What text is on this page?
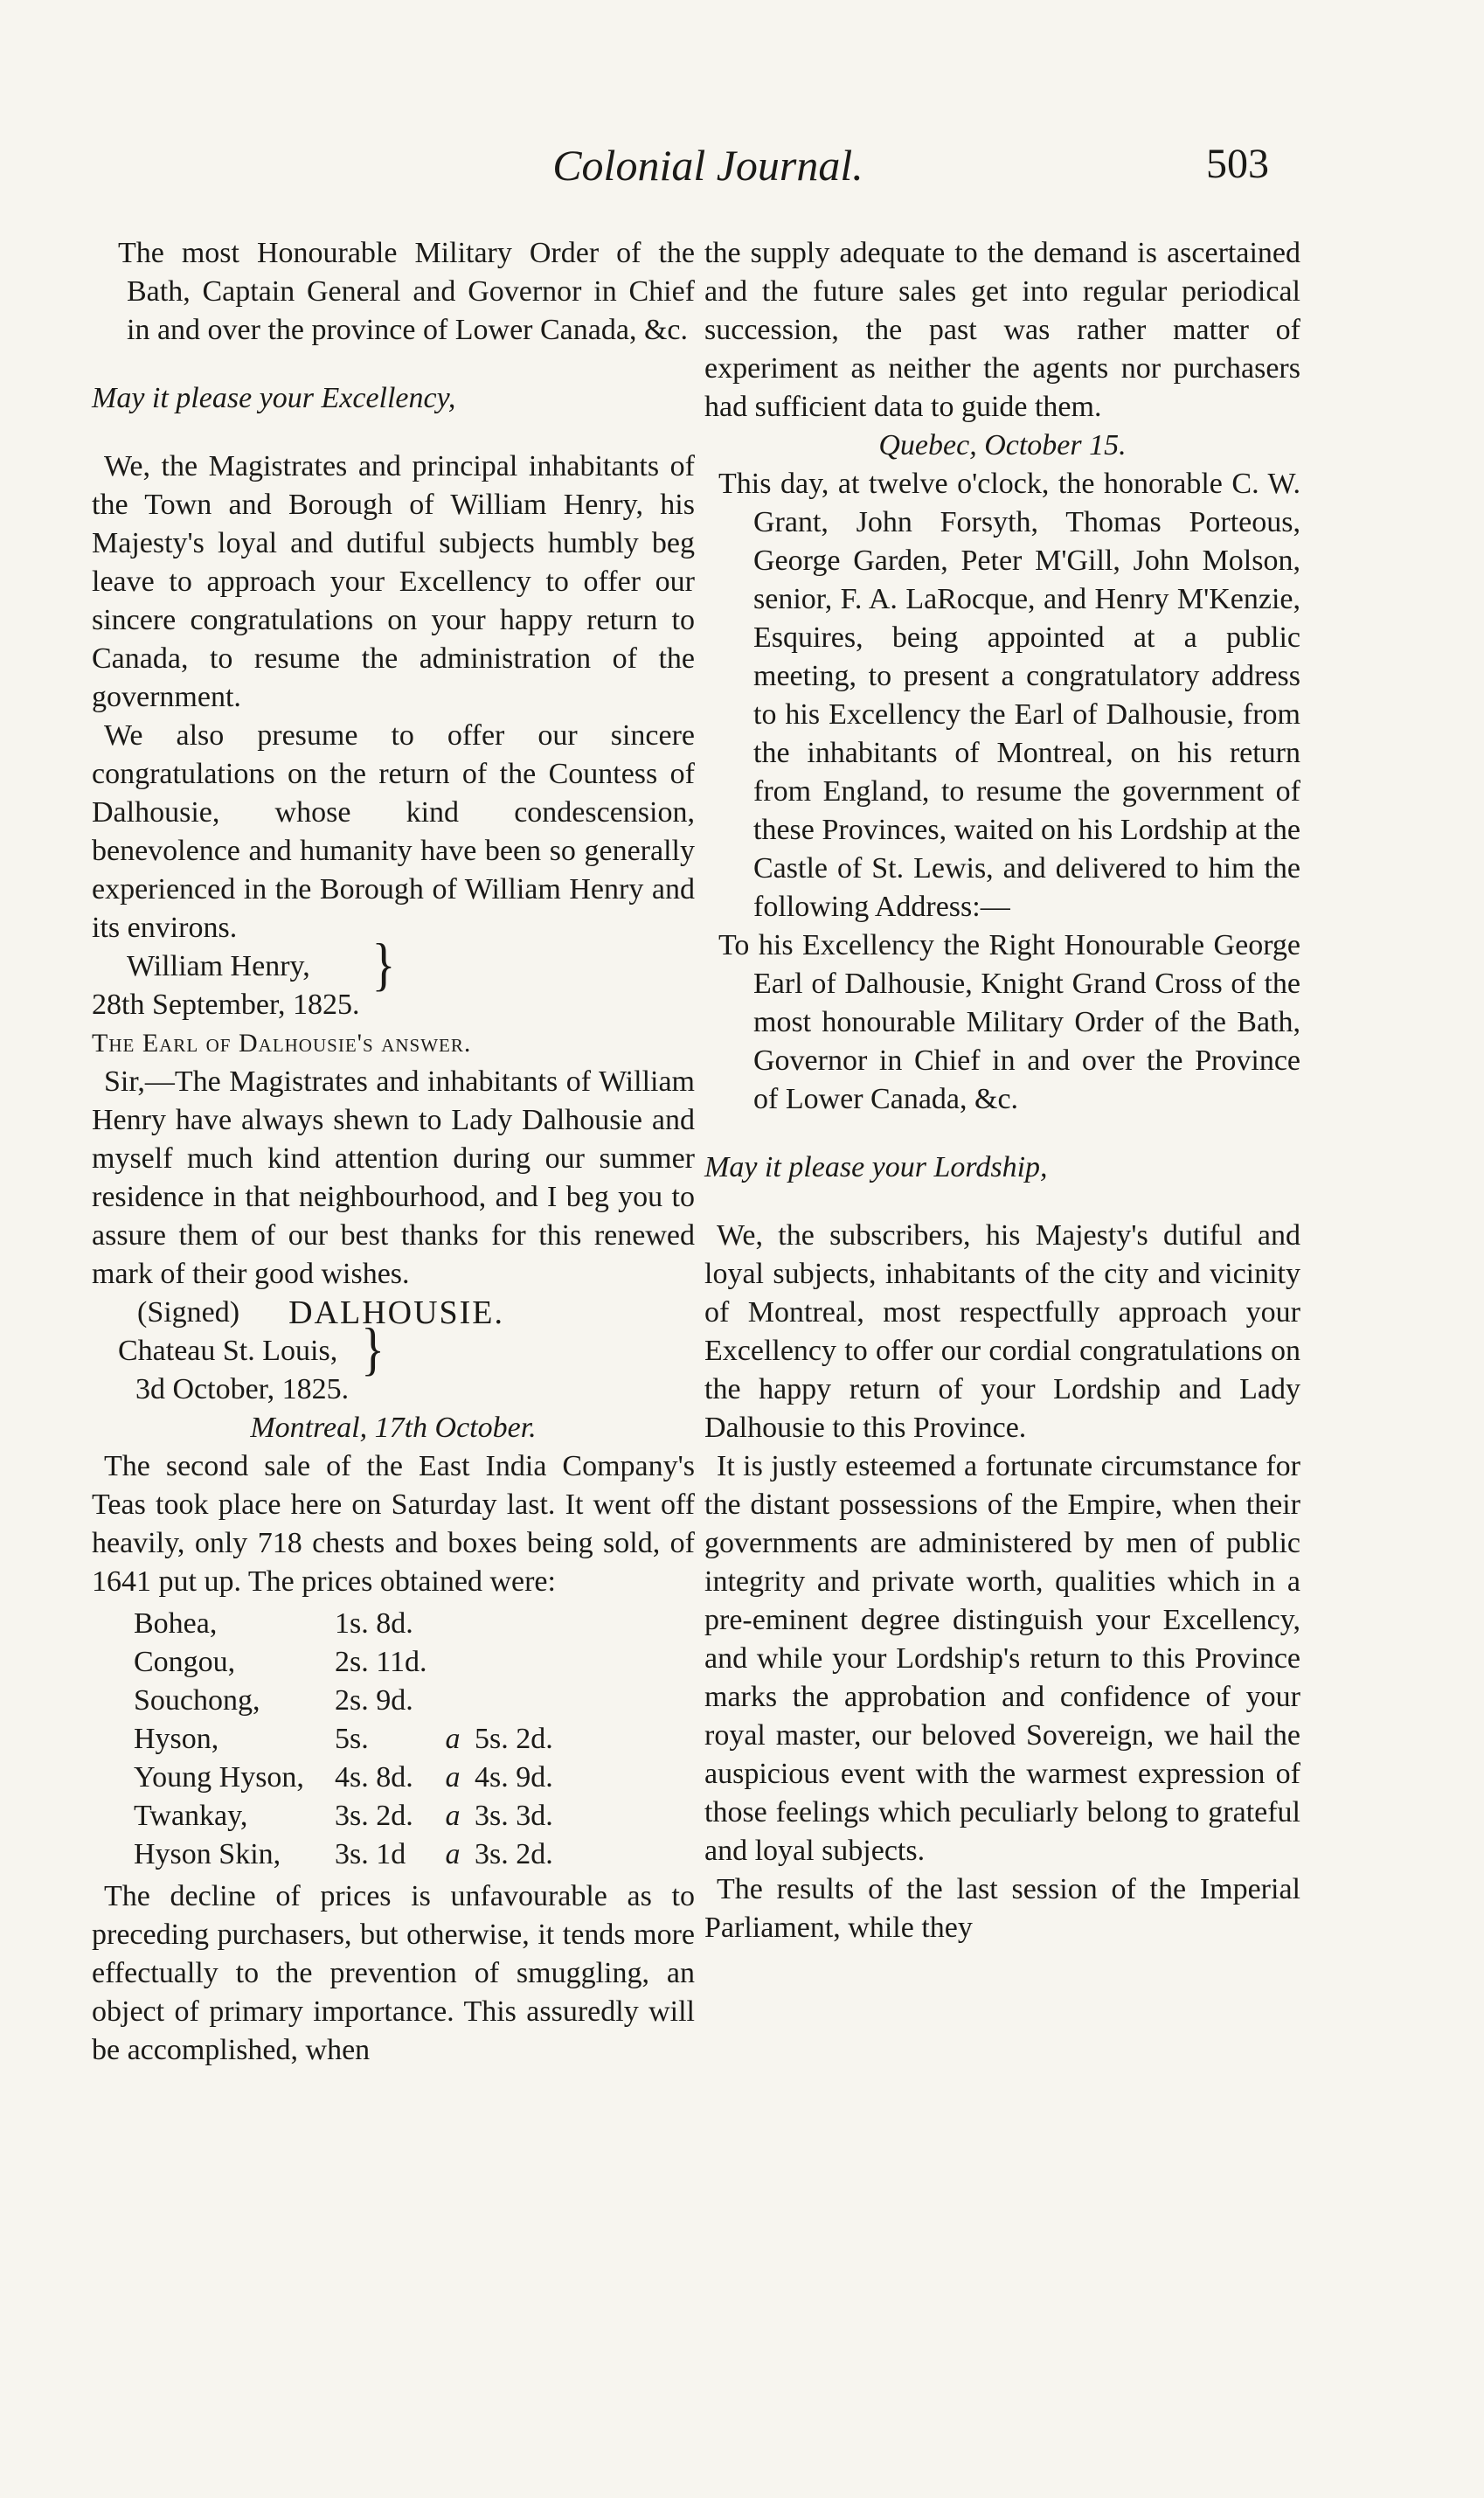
Colonial Journal.	503

The most Honourable Military Order of the Bath, Captain General and Governor in Chief in and over the province of Lower Canada, &c.

May it please your Excellency,

We, the Magistrates and principal inhabitants of the Town and Borough of William Henry, his Majesty's loyal and dutiful subjects humbly beg leave to approach your Excellency to offer our sincere congratulations on your happy return to Canada, to resume the administration of the government.

We also presume to offer our sincere congratulations on the return of the Countess of Dalhousie, whose kind condescension, benevolence and humanity have been so generally experienced in the Borough of William Henry and its environs.

William Henry,
28th September, 1825.
}

The Earl of Dalhousie's answer.

Sir,—The Magistrates and inhabitants of William Henry have always shewn to Lady Dalhousie and myself much kind attention during our summer residence in that neighbourhood, and I beg you to assure them of our best thanks for this renewed mark of their good wishes.

(Signed) DALHOUSIE.
Chateau St. Louis,
3d October, 1825.
}

Montreal, 17th October.

The second sale of the East India Company's Teas took place here on Saturday last. It went off heavily, only 718 chests and boxes being sold, of 1641 put up. The prices obtained were:

Bohea,	1s. 8d.		
Congou,	2s. 11d.		
Souchong,	2s. 9d.		
Hyson,	5s.	a	5s. 2d.
Young Hyson,	4s. 8d.	a	4s. 9d.
Twankay,	3s. 2d.	a	3s. 3d.
Hyson Skin,	3s. 1d	a	3s. 2d.

The decline of prices is unfavourable as to preceding purchasers, but otherwise, it tends more effectually to the prevention of smuggling, an object of primary importance. This assuredly will be accomplished, when

the supply adequate to the demand is ascertained and the future sales get into regular periodical succession, the past was rather matter of experiment as neither the agents nor purchasers had sufficient data to guide them.

Quebec, October 15.

This day, at twelve o'clock, the honorable C. W. Grant, John Forsyth, Thomas Porteous, George Garden, Peter M'Gill, John Molson, senior, F. A. LaRocque, and Henry M'Kenzie, Esquires, being appointed at a public meeting, to present a congratulatory address to his Excellency the Earl of Dalhousie, from the inhabitants of Montreal, on his return from England, to resume the government of these Provinces, waited on his Lordship at the Castle of St. Lewis, and delivered to him the following Address:—

To his Excellency the Right Honourable George Earl of Dalhousie, Knight Grand Cross of the most honourable Military Order of the Bath, Governor in Chief in and over the Province of Lower Canada, &c.

May it please your Lordship,

We, the subscribers, his Majesty's dutiful and loyal subjects, inhabitants of the city and vicinity of Montreal, most respectfully approach your Excellency to offer our cordial congratulations on the happy return of your Lordship and Lady Dalhousie to this Province.

It is justly esteemed a fortunate circumstance for the distant possessions of the Empire, when their governments are administered by men of public integrity and private worth, qualities which in a pre-eminent degree distinguish your Excellency, and while your Lordship's return to this Province marks the approbation and confidence of your royal master, our beloved Sovereign, we hail the auspicious event with the warmest expression of those feelings which peculiarly belong to grateful and loyal subjects.

The results of the last session of the Imperial Parliament, while they
